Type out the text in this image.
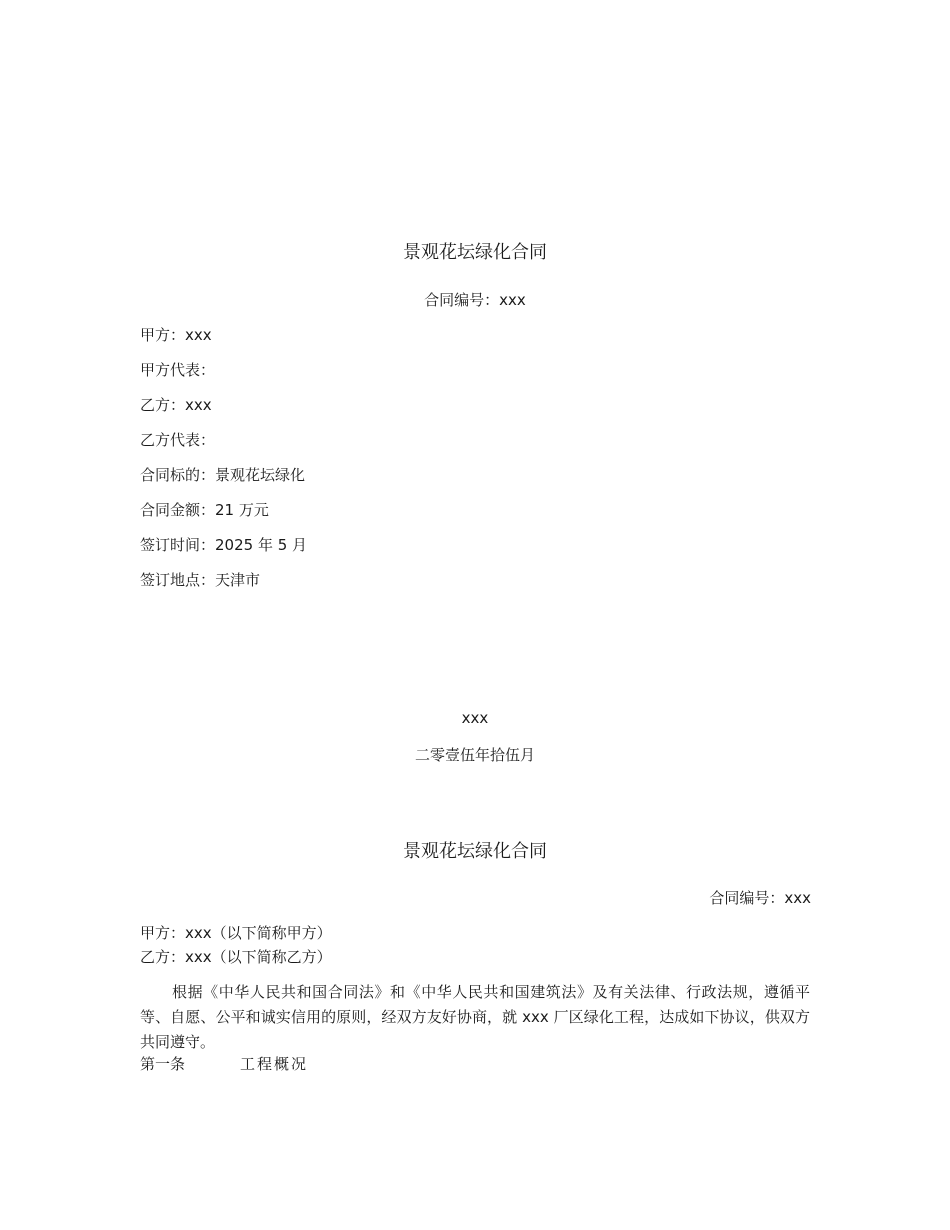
景观花坛绿化合同
合同编号：xxx
甲方：xxx
甲方代表：
乙方：xxx
乙方代表：
合同标的：景观花坛绿化
合同金额：21 万元
签订时间：2025 年 5 月
签订地点：天津市
xxx
二零壹伍年拾伍月
景观花坛绿化合同
合同编号：xxx
甲方：xxx（以下简称甲方）
乙方：xxx（以下简称乙方）
根据《中华人民共和国合同法》和《中华人民共和国建筑法》及有关法律、行政法规，遵循平等、自愿、公平和诚实信用的原则，经双方友好协商，就 xxx 厂区绿化工程，达成如下协议，供双方共同遵守。
第一条	工程概况
